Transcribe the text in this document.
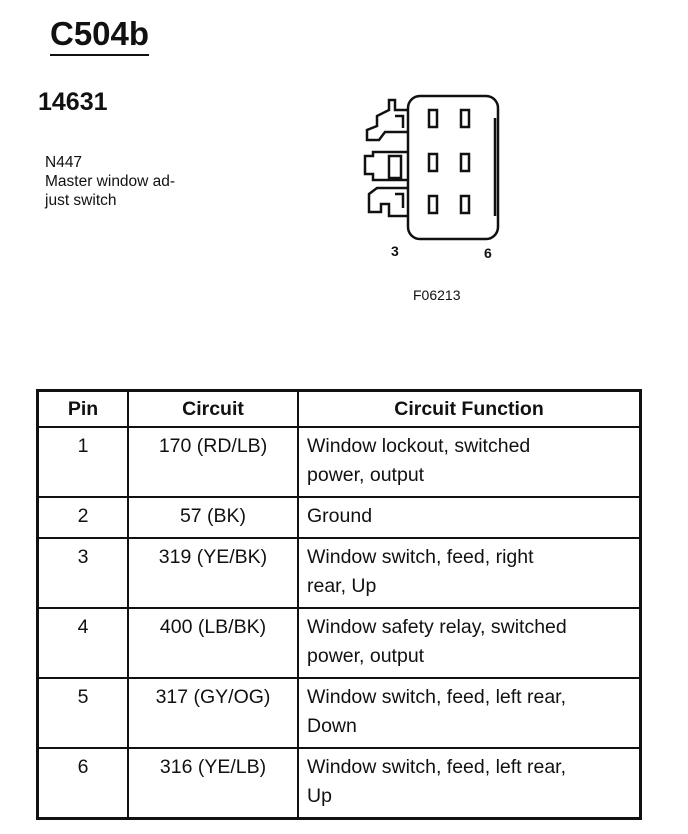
C504b
14631
N447
Master window ad-
just switch
3	6
F06213
Pin	Circuit	Circuit Function
1	170 (RD/LB)	Window lockout, switched
power, output

2	57 (BK)	Ground

3	319 (YE/BK)	Window switch, feed, right
rear, Up

4	400 (LB/BK)	Window safety relay, switched
power, output

5	317 (GY/OG)	Window switch, feed, left rear,
Down

6	316 (YE/LB)	Window switch, feed, left rear,
Up
